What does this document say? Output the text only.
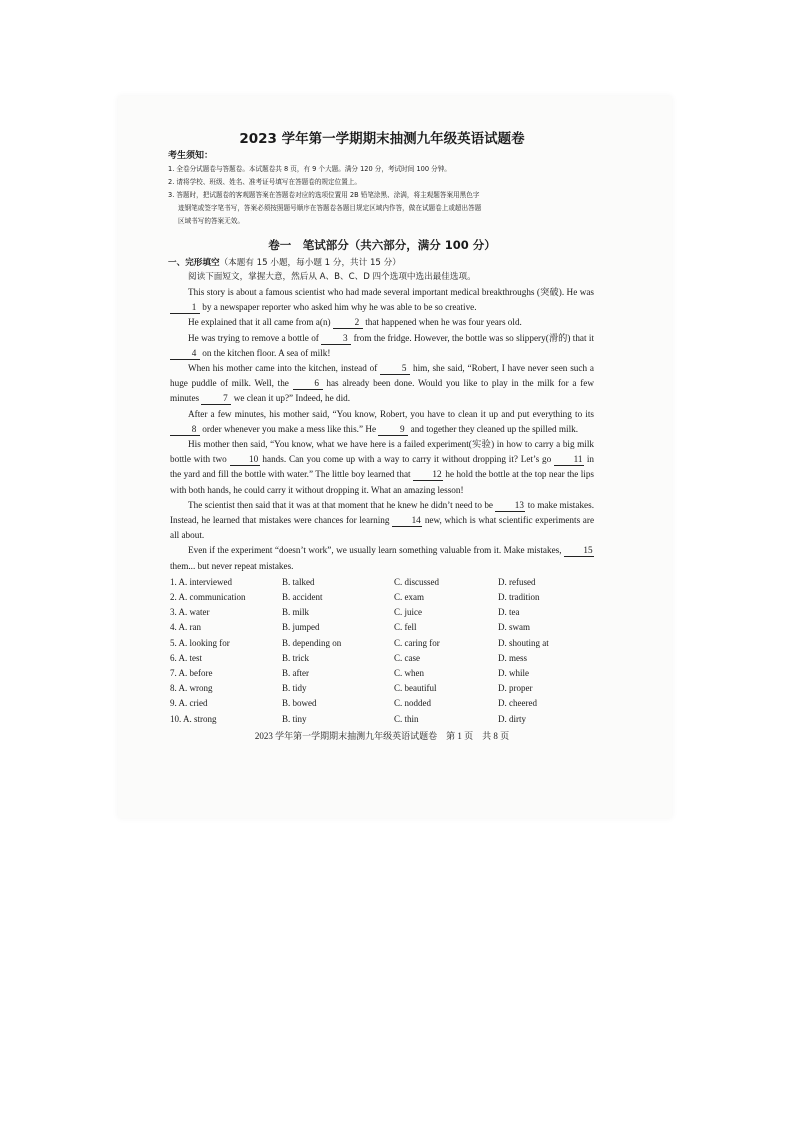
2023 学年第一学期期末抽测九年级英语试题卷
考生须知：
1. 全卷分试题卷与答题卷。本试题卷共 8 页，有 9 个大题。满分 120 分，考试时间 100 分钟。
2. 请将学校、班级、姓名、准考证号填写在答题卷的规定位置上。
3. 答题时，把试题卷的客观题答案在答题卷对应的选项位置用 2B 铅笔涂黑、涂满，将主观题答案用黑色字
迹钢笔或签字笔书写，答案必须按照题号顺序在答题卷各题目规定区域内作答，做在试题卷上或超出答题
区域书写的答案无效。
卷一　笔试部分（共六部分，满分 100 分）
一、完形填空（本题有 15 小题，每小题 1 分，共计 15 分）
阅读下面短文，掌握大意，然后从 A、B、C、D 四个选项中选出最佳选项。

This story is about a famous scientist who had made several important medical breakthroughs (突破). He was 1 by a newspaper reporter who asked him why he was able to be so creative.

He explained that it all came from a(n)	2 that happened when he was four years old.

He was trying to remove a bottle of	3 from the fridge. However, the bottle was so slippery(滑的) that it 4 on the kitchen floor. A sea of milk!

When his mother came into the kitchen, instead of	5 him, she said, “Robert, I have never seen such a huge puddle of milk. Well, the	6 has already been done. Would you like to play in the milk for a few minutes	7 we clean it up?” Indeed, he did.

After a few minutes, his mother said, “You know, Robert, you have to clean it up and put everything to its 8 order whenever you make a mess like this.” He	9 and together they cleaned up the spilled milk.

His mother then said, “You know, what we have here is a failed experiment(实验) in how to carry a big milk bottle with two 10 hands. Can you come up with a way to carry it without dropping it? Let’s go 11 in the yard and fill the bottle with water.” The little boy learned that 12 he hold the bottle at the top near the lips with both hands, he could carry it without dropping it. What an amazing lesson!

The scientist then said that it was at that moment that he knew he didn’t need to be 13 to make mistakes. Instead, he learned that mistakes were chances for learning 14 new, which is what scientific experiments are all about.

Even if the experiment “doesn’t work”, we usually learn something valuable from it. Make mistakes, 15 them... but never repeat mistakes.

1. A. interviewed	B. talked	C. discussed	D. refused
2. A. communication	B. accident	C. exam	D. tradition
3. A. water	B. milk	C. juice	D. tea
4. A. ran	B. jumped	C. fell	D. swam
5. A. looking for	B. depending on	C. caring for	D. shouting at
6. A. test	B. trick	C. case	D. mess
7. A. before	B. after	C. when	D. while
8. A. wrong	B. tidy	C. beautiful	D. proper
9. A. cried	B. bowed	C. nodded	D. cheered
10. A. strong	B. tiny	C. thin	D. dirty
2023 学年第一学期期末抽测九年级英语试题卷　第 1 页　共 8 页
